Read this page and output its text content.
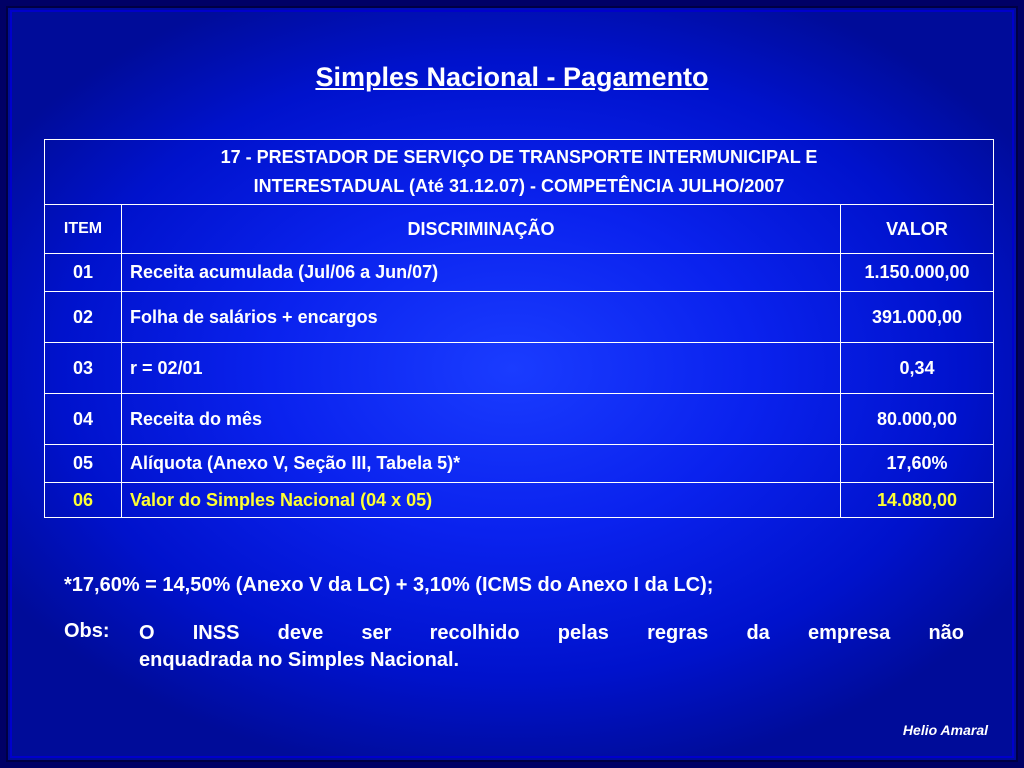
Simples Nacional - Pagamento
17 - PRESTADOR DE SERVIÇO DE TRANSPORTE INTERMUNICIPAL E
INTERESTADUAL (Até 31.12.07) - COMPETÊNCIA JULHO/2007		
ITEM	DISCRIMINAÇÃO	VALOR
01	Receita acumulada (Jul/06 a Jun/07)	1.150.000,00
02	Folha de salários + encargos	391.000,00
03	r = 02/01	0,34
04	Receita do mês	80.000,00
05	Alíquota (Anexo V, Seção III, Tabela 5)*	17,60%
06	Valor do Simples Nacional (04 x 05)	14.080,00
*17,60% = 14,50% (Anexo V da LC) + 3,10% (ICMS do Anexo I da LC);
Obs:	O INSS deve ser recolhido pelas regras da empresa não
enquadrada no Simples Nacional.
Helio Amaral
